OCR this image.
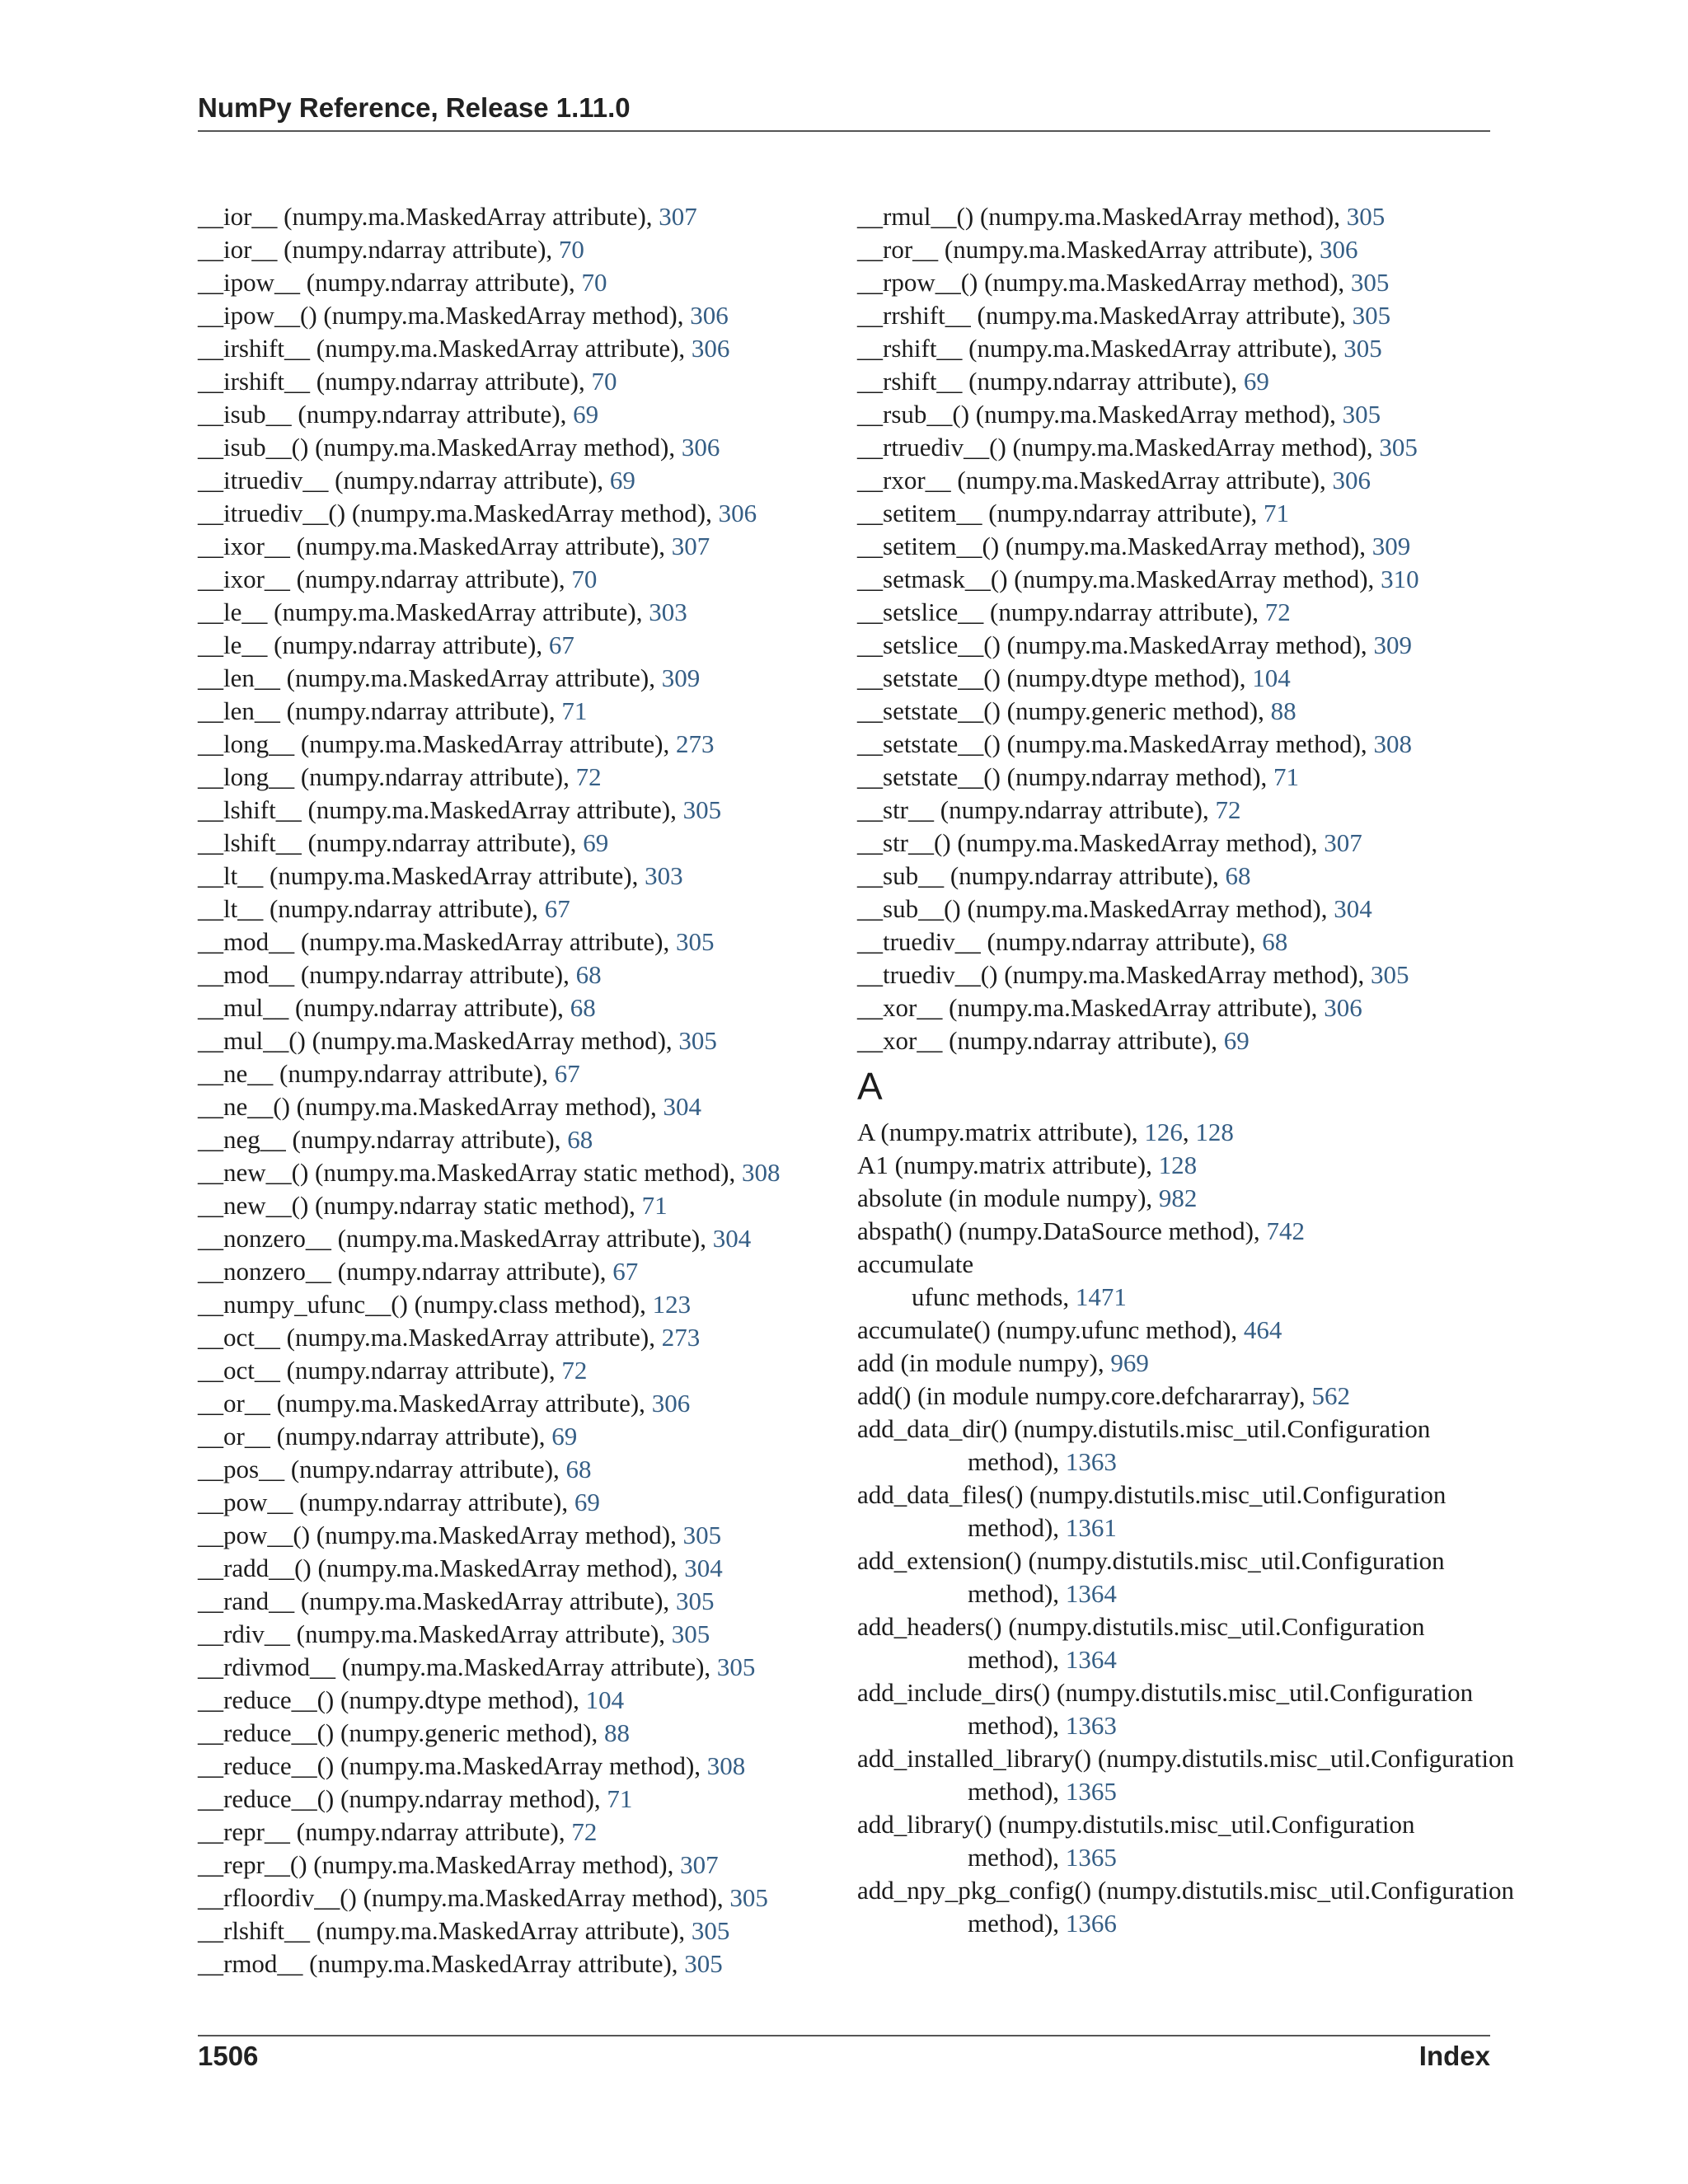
NumPy Reference, Release 1.11.0
__ior__ (numpy.ma.MaskedArray attribute), 307
__ior__ (numpy.ndarray attribute), 70
__ipow__ (numpy.ndarray attribute), 70
__ipow__() (numpy.ma.MaskedArray method), 306
__irshift__ (numpy.ma.MaskedArray attribute), 306
__irshift__ (numpy.ndarray attribute), 70
__isub__ (numpy.ndarray attribute), 69
__isub__() (numpy.ma.MaskedArray method), 306
__itruediv__ (numpy.ndarray attribute), 69
__itruediv__() (numpy.ma.MaskedArray method), 306
__ixor__ (numpy.ma.MaskedArray attribute), 307
__ixor__ (numpy.ndarray attribute), 70
__le__ (numpy.ma.MaskedArray attribute), 303
__le__ (numpy.ndarray attribute), 67
__len__ (numpy.ma.MaskedArray attribute), 309
__len__ (numpy.ndarray attribute), 71
__long__ (numpy.ma.MaskedArray attribute), 273
__long__ (numpy.ndarray attribute), 72
__lshift__ (numpy.ma.MaskedArray attribute), 305
__lshift__ (numpy.ndarray attribute), 69
__lt__ (numpy.ma.MaskedArray attribute), 303
__lt__ (numpy.ndarray attribute), 67
__mod__ (numpy.ma.MaskedArray attribute), 305
__mod__ (numpy.ndarray attribute), 68
__mul__ (numpy.ndarray attribute), 68
__mul__() (numpy.ma.MaskedArray method), 305
__ne__ (numpy.ndarray attribute), 67
__ne__() (numpy.ma.MaskedArray method), 304
__neg__ (numpy.ndarray attribute), 68
__new__() (numpy.ma.MaskedArray static method), 308
__new__() (numpy.ndarray static method), 71
__nonzero__ (numpy.ma.MaskedArray attribute), 304
__nonzero__ (numpy.ndarray attribute), 67
__numpy_ufunc__() (numpy.class method), 123
__oct__ (numpy.ma.MaskedArray attribute), 273
__oct__ (numpy.ndarray attribute), 72
__or__ (numpy.ma.MaskedArray attribute), 306
__or__ (numpy.ndarray attribute), 69
__pos__ (numpy.ndarray attribute), 68
__pow__ (numpy.ndarray attribute), 69
__pow__() (numpy.ma.MaskedArray method), 305
__radd__() (numpy.ma.MaskedArray method), 304
__rand__ (numpy.ma.MaskedArray attribute), 305
__rdiv__ (numpy.ma.MaskedArray attribute), 305
__rdivmod__ (numpy.ma.MaskedArray attribute), 305
__reduce__() (numpy.dtype method), 104
__reduce__() (numpy.generic method), 88
__reduce__() (numpy.ma.MaskedArray method), 308
__reduce__() (numpy.ndarray method), 71
__repr__ (numpy.ndarray attribute), 72
__repr__() (numpy.ma.MaskedArray method), 307
__rfloordiv__() (numpy.ma.MaskedArray method), 305
__rlshift__ (numpy.ma.MaskedArray attribute), 305
__rmod__ (numpy.ma.MaskedArray attribute), 305
__rmul__() (numpy.ma.MaskedArray method), 305
__ror__ (numpy.ma.MaskedArray attribute), 306
__rpow__() (numpy.ma.MaskedArray method), 305
__rrshift__ (numpy.ma.MaskedArray attribute), 305
__rshift__ (numpy.ma.MaskedArray attribute), 305
__rshift__ (numpy.ndarray attribute), 69
__rsub__() (numpy.ma.MaskedArray method), 305
__rtruediv__() (numpy.ma.MaskedArray method), 305
__rxor__ (numpy.ma.MaskedArray attribute), 306
__setitem__ (numpy.ndarray attribute), 71
__setitem__() (numpy.ma.MaskedArray method), 309
__setmask__() (numpy.ma.MaskedArray method), 310
__setslice__ (numpy.ndarray attribute), 72
__setslice__() (numpy.ma.MaskedArray method), 309
__setstate__() (numpy.dtype method), 104
__setstate__() (numpy.generic method), 88
__setstate__() (numpy.ma.MaskedArray method), 308
__setstate__() (numpy.ndarray method), 71
__str__ (numpy.ndarray attribute), 72
__str__() (numpy.ma.MaskedArray method), 307
__sub__ (numpy.ndarray attribute), 68
__sub__() (numpy.ma.MaskedArray method), 304
__truediv__ (numpy.ndarray attribute), 68
__truediv__() (numpy.ma.MaskedArray method), 305
__xor__ (numpy.ma.MaskedArray attribute), 306
__xor__ (numpy.ndarray attribute), 69
A
A (numpy.matrix attribute), 126, 128
A1 (numpy.matrix attribute), 128
absolute (in module numpy), 982
abspath() (numpy.DataSource method), 742
accumulate
ufunc methods, 1471
accumulate() (numpy.ufunc method), 464
add (in module numpy), 969
add() (in module numpy.core.defchararray), 562
add_data_dir() (numpy.distutils.misc_util.Configuration
method), 1363
add_data_files() (numpy.distutils.misc_util.Configuration
method), 1361
add_extension() (numpy.distutils.misc_util.Configuration
method), 1364
add_headers() (numpy.distutils.misc_util.Configuration
method), 1364
add_include_dirs() (numpy.distutils.misc_util.Configuration
method), 1363
add_installed_library() (numpy.distutils.misc_util.Configuration
method), 1365
add_library() (numpy.distutils.misc_util.Configuration
method), 1365
add_npy_pkg_config() (numpy.distutils.misc_util.Configuration
method), 1366
1506	Index
